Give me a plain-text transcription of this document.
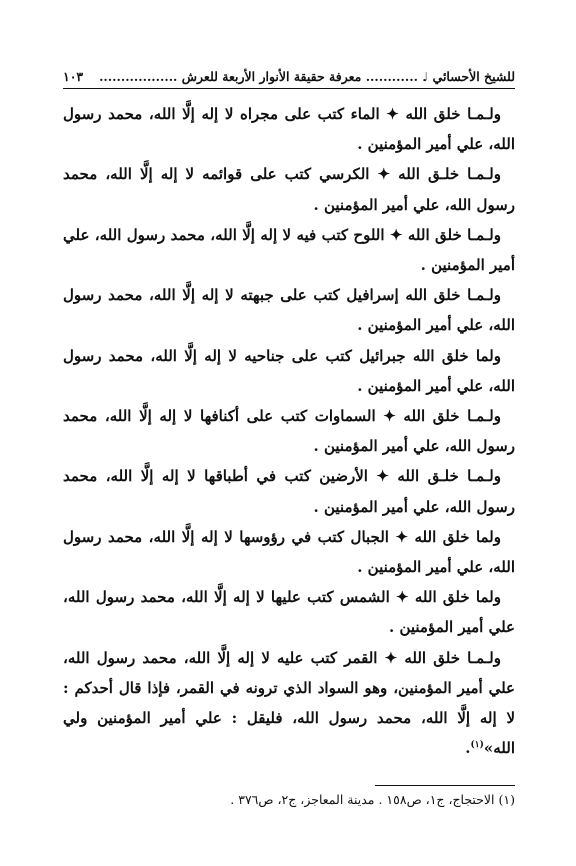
للشيخ الأحسائي ♩ ............ معرفة حقيقة الأنوار الأربعة للعرش ..................
١٠٣

ولـمـا خلق الله ✦ الماء كتب على مجراه لا إله إلَّا الله، محمد رسول الله، علي أمير المؤمنين .

ولـمـا خلـق الله ✦ الكرسي كتب على قوائمه لا إله إلَّا الله، محمد رسول الله، علي أمير المؤمنين .

ولـمـا خلق الله ✦ اللوح كتب فيه لا إله إلَّا الله، محمد رسول الله، علي أمير المؤمنين .

ولـمـا خلق الله إسرافيل كتب على جبهته لا إله إلَّا الله، محمد رسول الله، علي أمير المؤمنين .

ولما خلق الله جبرائيل كتب على جناحيه لا إله إلَّا الله، محمد رسول الله، علي أمير المؤمنين .

ولـمـا خلق الله ✦ السماوات كتب على أكنافها لا إله إلَّا الله، محمد رسول الله، علي أمير المؤمنين .

ولـمـا خلـق الله ✦ الأرضين كتب في أطباقها لا إله إلَّا الله، محمد رسول الله، علي أمير المؤمنين .

ولما خلق الله ✦ الجبال كتب في رؤوسها لا إله إلَّا الله، محمد رسول الله، علي أمير المؤمنين .

ولما خلق الله ✦ الشمس كتب عليها لا إله إلَّا الله، محمد رسول الله، علي أمير المؤمنين .

ولـمـا خلق الله ✦ القمر كتب عليه لا إله إلَّا الله، محمد رسول الله، علي أمير المؤمنين، وهو السواد الذي ترونه في القمر، فإذا قال أحدكم : لا إله إلَّا الله، محمد رسول الله، فليقل : علي أمير المؤمنين ولي الله»$^{(١)}$.

(١) الاحتجاج، ج١، ص١٥٨ . مدينة المعاجز، ج٢، ص٣٧٦ .
